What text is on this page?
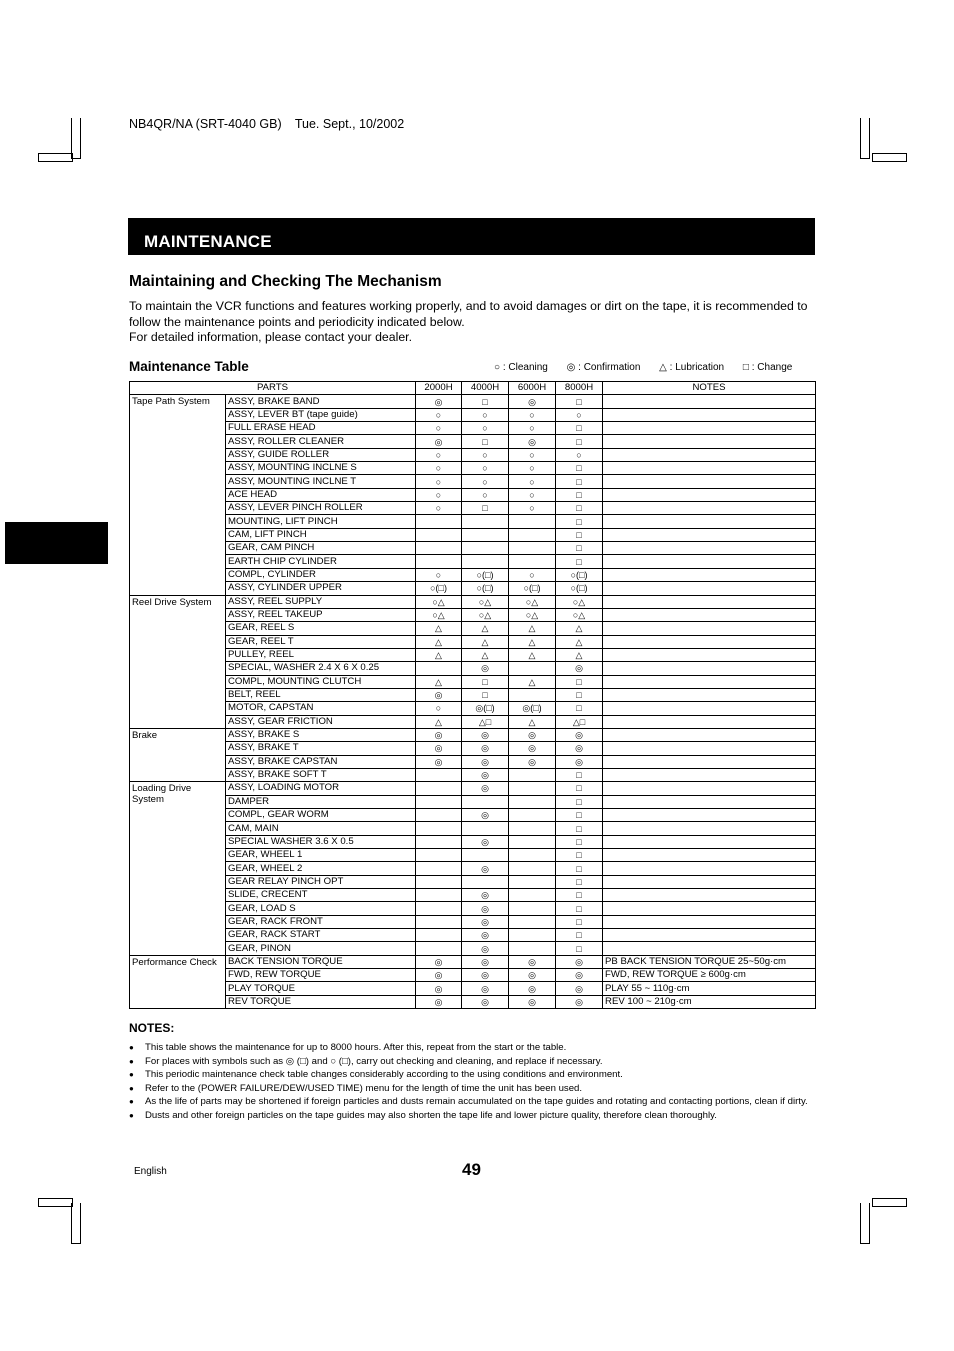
NB4QR/NA (SRT-4040 GB) Tue. Sept., 10/2002
MAINTENANCE
Maintaining and Checking The Mechanism

To maintain the VCR functions and features working properly, and to avoid damages or dirt on the tape, it is recommended to follow the maintenance points and periodicity indicated below.

For detailed information, please contact your dealer.

Maintenance Table	○ : Cleaning ◎ : Confirmation △ : Lubrication □ : Change
PARTS		2000H	4000H	6000H	8000H	NOTES
Tape Path System	ASSY, BRAKE BAND	◎	□	◎	□	
	ASSY, LEVER BT (tape guide)	○	○	○	○	
	FULL ERASE HEAD	○	○	○	□	
	ASSY, ROLLER CLEANER	◎	□	◎	□	
	ASSY, GUIDE ROLLER	○	○	○	○	
	ASSY, MOUNTING INCLNE S	○	○	○	□	
	ASSY, MOUNTING INCLNE T	○	○	○	□	
	ACE HEAD	○	○	○	□	
	ASSY, LEVER PINCH ROLLER	○	□	○	□	
	MOUNTING, LIFT PINCH				□	
	CAM, LIFT PINCH				□	
	GEAR, CAM PINCH				□	
	EARTH CHIP CYLINDER				□	
	COMPL, CYLINDER	○	○(□)	○	○(□)	
	ASSY, CYLINDER UPPER	○(□)	○(□)	○(□)	○(□)	
Reel Drive System	ASSY, REEL SUPPLY	○△	○△	○△	○△	
	ASSY, REEL TAKEUP	○△	○△	○△	○△	
	GEAR, REEL S	△	△	△	△	
	GEAR, REEL T	△	△	△	△	
	PULLEY, REEL	△	△	△	△	
	SPECIAL, WASHER 2.4 X 6 X 0.25		◎		◎	
	COMPL, MOUNTING CLUTCH	△	□	△	□	
	BELT, REEL	◎	□		□	
	MOTOR, CAPSTAN	○	◎(□)	◎(□)	□	
	ASSY, GEAR FRICTION	△	△□	△	△□	
Brake	ASSY, BRAKE S	◎	◎	◎	◎	
	ASSY, BRAKE T	◎	◎	◎	◎	
	ASSY, BRAKE CAPSTAN	◎	◎	◎	◎	
	ASSY, BRAKE SOFT T		◎		□	
Loading Drive System	ASSY, LOADING MOTOR		◎		□	
	DAMPER				□	
	COMPL, GEAR WORM		◎		□	
	CAM, MAIN				□	
	SPECIAL WASHER 3.6 X 0.5		◎		□	
	GEAR, WHEEL 1				□	
	GEAR, WHEEL 2		◎		□	
	GEAR RELAY PINCH OPT				□	
	SLIDE, CRECENT		◎		□	
	GEAR, LOAD S		◎		□	
	GEAR, RACK FRONT		◎		□	
	GEAR, RACK START		◎		□	
	GEAR, PINON		◎		□	
Performance Check	BACK TENSION TORQUE	◎	◎	◎	◎	PB BACK TENSION TORQUE 25~50g·cm
	FWD, REW TORQUE	◎	◎	◎	◎	FWD, REW TORQUE ≥ 600g·cm
	PLAY TORQUE	◎	◎	◎	◎	PLAY 55 ~ 110g·cm
	REV TORQUE	◎	◎	◎	◎	REV 100 ~ 210g·cm
NOTES:
● This table shows the maintenance for up to 8000 hours. After this, repeat from the start or the table.
● For places with symbols such as ◎ (□) and ○ (□), carry out checking and cleaning, and replace if necessary.
● This periodic maintenance check table changes considerably according to the using conditions and environment.
● Refer to the (POWER FAILURE/DEW/USED TIME) menu for the length of time the unit has been used.
● As the life of parts may be shortened if foreign particles and dusts remain accumulated on the tape guides and rotating and contacting portions, clean if dirty.
● Dusts and other foreign particles on the tape guides may also shorten the tape life and lower picture quality, therefore clean thoroughly.
English	49
